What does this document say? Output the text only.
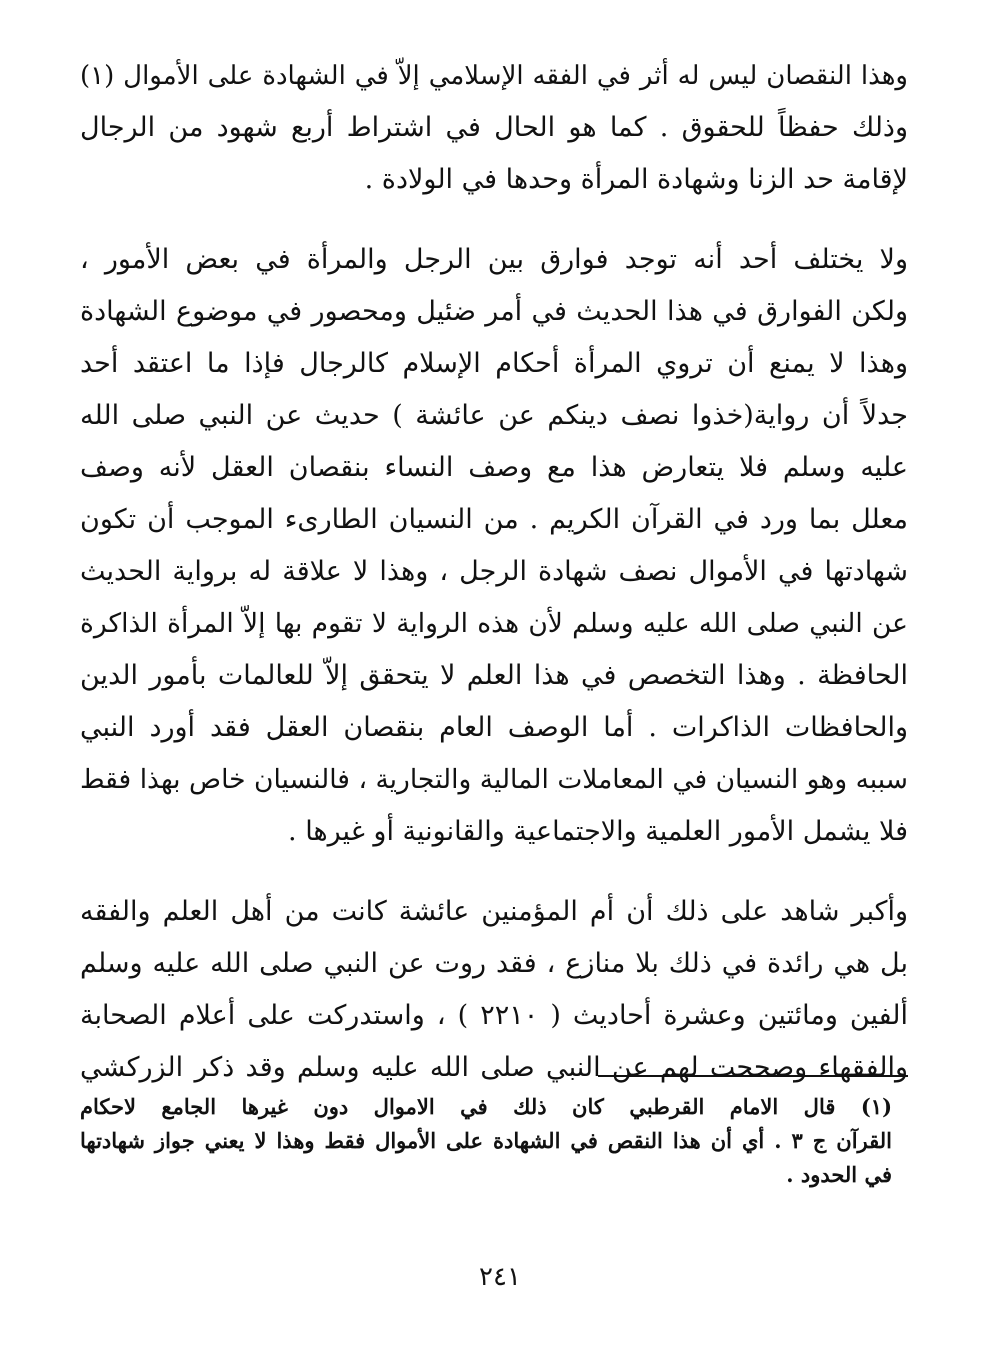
وهذا النقصان ليس له أثر في الفقه الإسلامي إلاّ في الشهادة على الأموال (١)
وذلك حفظاً للحقوق . كما هو الحال في اشتراط أربع شهود من الرجال
لإقامة حد الزنا وشهادة المرأة وحدها في الولادة .

ولا يختلف أحد أنه توجد فوارق بين الرجل والمرأة في بعض الأمور ،
ولكن الفوارق في هذا الحديث في أمر ضئيل ومحصور في موضوع الشهادة
وهذا لا يمنع أن تروي المرأة أحكام الإسلام كالرجال فإذا ما اعتقد أحد
جدلاً أن رواية(خذوا نصف دينكم عن عائشة ) حديث عن النبي صلى الله
عليه وسلم فلا يتعارض هذا مع وصف النساء بنقصان العقل لأنه وصف
معلل بما ورد في القرآن الكريم . من النسيان الطارىء الموجب أن تكون
شهادتها في الأموال نصف شهادة الرجل ، وهذا لا علاقة له برواية الحديث
عن النبي صلى الله عليه وسلم لأن هذه الرواية لا تقوم بها إلاّ المرأة الذاكرة
الحافظة . وهذا التخصص في هذا العلم لا يتحقق إلاّ للعالمات بأمور الدين
والحافظات الذاكرات . أما الوصف العام بنقصان العقل فقد أورد النبي
سببه وهو النسيان في المعاملات المالية والتجارية ، فالنسيان خاص بهذا فقط
فلا يشمل الأمور العلمية والاجتماعية والقانونية أو غيرها .

وأكبر شاهد على ذلك أن أم المؤمنين عائشة كانت من أهل العلم والفقه
بل هي رائدة في ذلك بلا منازع ، فقد روت عن النبي صلى الله عليه وسلم
ألفين ومائتين وعشرة أحاديث ( ٢٢١٠ ) ، واستدركت على أعلام الصحابة
والفقهاء وصححت لهم عن النبي صلى الله عليه وسلم وقد ذكر الزركشي

(١) قال الامام القرطبي كان ذلك في الاموال دون غيرها الجامع لاحكام
القرآن ج ٣ . أي أن هذا النقص في الشهادة على الأموال فقط وهذا لا يعني جواز شهادتها
في الحدود .
٢٤١
